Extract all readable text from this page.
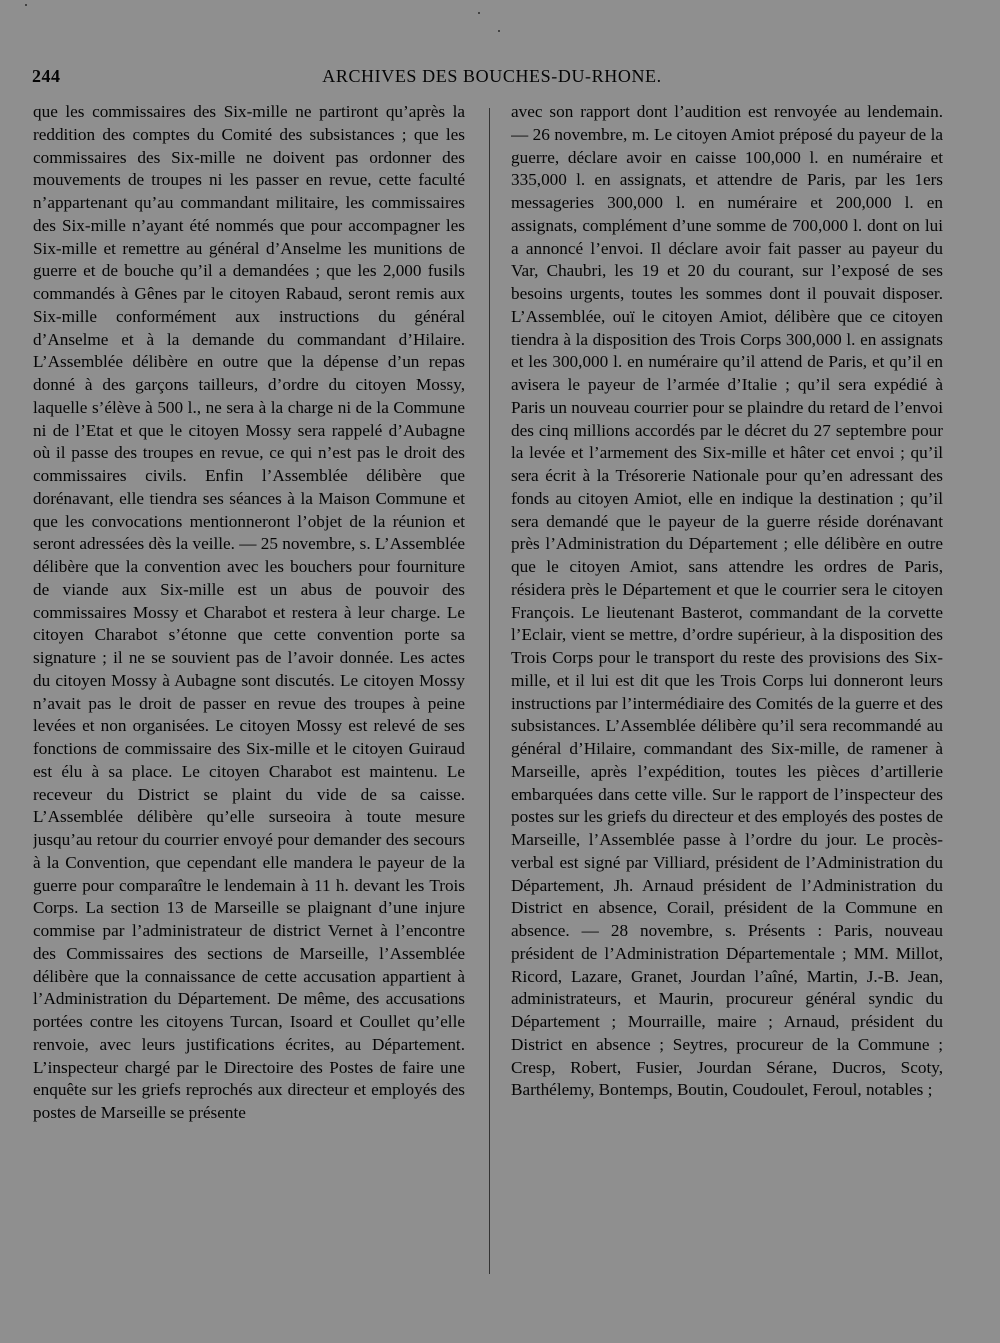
244	ARCHIVES DES BOUCHES-DU-RHONE.

que les commissaires des Six-mille ne partiront qu’après la reddition des comptes du Comité des subsistances ; que les commissaires des Six-mille ne doivent pas ordonner des mouvements de troupes ni les passer en revue, cette faculté n’appartenant qu’au commandant militaire, les commissaires des Six-mille n’ayant été nommés que pour accompagner les Six-mille et remettre au général d’Anselme les munitions de guerre et de bouche qu’il a demandées ; que les 2,000 fusils commandés à Gênes par le citoyen Rabaud, seront remis aux Six-mille conformément aux instructions du général d’Anselme et à la demande du commandant d’Hilaire. L’Assemblée délibère en outre que la dépense d’un repas donné à des garçons tailleurs, d’ordre du citoyen Mossy, laquelle s’élève à 500 l., ne sera à la charge ni de la Commune ni de l’Etat et que le citoyen Mossy sera rappelé d’Aubagne où il passe des troupes en revue, ce qui n’est pas le droit des commissaires civils. Enfin l’Assemblée délibère que dorénavant, elle tiendra ses séances à la Maison Commune et que les convocations mentionneront l’objet de la réunion et seront adressées dès la veille. — 25 novembre, s. L’Assemblée délibère que la convention avec les bouchers pour fourniture de viande aux Six-mille est un abus de pouvoir des commissaires Mossy et Charabot et restera à leur charge. Le citoyen Charabot s’étonne que cette convention porte sa signature ; il ne se souvient pas de l’avoir donnée. Les actes du citoyen Mossy à Aubagne sont discutés. Le citoyen Mossy n’avait pas le droit de passer en revue des troupes à peine levées et non organisées. Le citoyen Mossy est relevé de ses fonctions de commissaire des Six-mille et le citoyen Guiraud est élu à sa place. Le citoyen Charabot est maintenu. Le receveur du District se plaint du vide de sa caisse. L’Assemblée délibère qu’elle surseoira à toute mesure jusqu’au retour du courrier envoyé pour demander des secours à la Convention, que cependant elle mandera le payeur de la guerre pour comparaître le lendemain à 11 h. devant les Trois Corps. La section 13 de Marseille se plaignant d’une injure commise par l’administrateur de district Vernet à l’encontre des Commissaires des sections de Marseille, l’Assemblée délibère que la connaissance de cette accusation appartient à l’Administration du Département. De même, des accusations portées contre les citoyens Turcan, Isoard et Coullet qu’elle renvoie, avec leurs justifications écrites, au Département. L’inspecteur chargé par le Directoire des Postes de faire une enquête sur les griefs reprochés aux directeur et employés des postes de Marseille se présente

avec son rapport dont l’audition est renvoyée au lendemain. — 26 novembre, m. Le citoyen Amiot préposé du payeur de la guerre, déclare avoir en caisse 100,000 l. en numéraire et 335,000 l. en assignats, et attendre de Paris, par les 1ers messageries 300,000 l. en numéraire et 200,000 l. en assignats, complément d’une somme de 700,000 l. dont on lui a annoncé l’envoi. Il déclare avoir fait passer au payeur du Var, Chaubri, les 19 et 20 du courant, sur l’exposé de ses besoins urgents, toutes les sommes dont il pouvait disposer. L’Assemblée, ouï le citoyen Amiot, délibère que ce citoyen tiendra à la disposition des Trois Corps 300,000 l. en assignats et les 300,000 l. en numéraire qu’il attend de Paris, et qu’il en avisera le payeur de l’armée d’Italie ; qu’il sera expédié à Paris un nouveau courrier pour se plaindre du retard de l’envoi des cinq millions accordés par le décret du 27 septembre pour la levée et l’armement des Six-mille et hâter cet envoi ; qu’il sera écrit à la Trésorerie Nationale pour qu’en adressant des fonds au citoyen Amiot, elle en indique la destination ; qu’il sera demandé que le payeur de la guerre réside dorénavant près l’Administration du Département ; elle délibère en outre que le citoyen Amiot, sans attendre les ordres de Paris, résidera près le Département et que le courrier sera le citoyen François. Le lieutenant Basterot, commandant de la corvette l’Eclair, vient se mettre, d’ordre supérieur, à la disposition des Trois Corps pour le transport du reste des provisions des Six-mille, et il lui est dit que les Trois Corps lui donneront leurs instructions par l’intermédiaire des Comités de la guerre et des subsistances. L’Assemblée délibère qu’il sera recommandé au général d’Hilaire, commandant des Six-mille, de ramener à Marseille, après l’expédition, toutes les pièces d’artillerie embarquées dans cette ville. Sur le rapport de l’inspecteur des postes sur les griefs du directeur et des employés des postes de Marseille, l’Assemblée passe à l’ordre du jour. Le procès-verbal est signé par Villiard, président de l’Administration du Département, Jh. Arnaud président de l’Administration du District en absence, Corail, président de la Commune en absence. — 28 novembre, s. Présents : Paris, nouveau président de l’Administration Départementale ; MM. Millot, Ricord, Lazare, Granet, Jourdan l’aîné, Martin, J.-B. Jean, administrateurs, et Maurin, procureur général syndic du Département ; Mourraille, maire ; Arnaud, président du District en absence ; Seytres, procureur de la Commune ; Cresp, Robert, Fusier, Jourdan Sérane, Ducros, Scoty, Barthélemy, Bontemps, Boutin, Coudoulet, Feroul, notables ;
